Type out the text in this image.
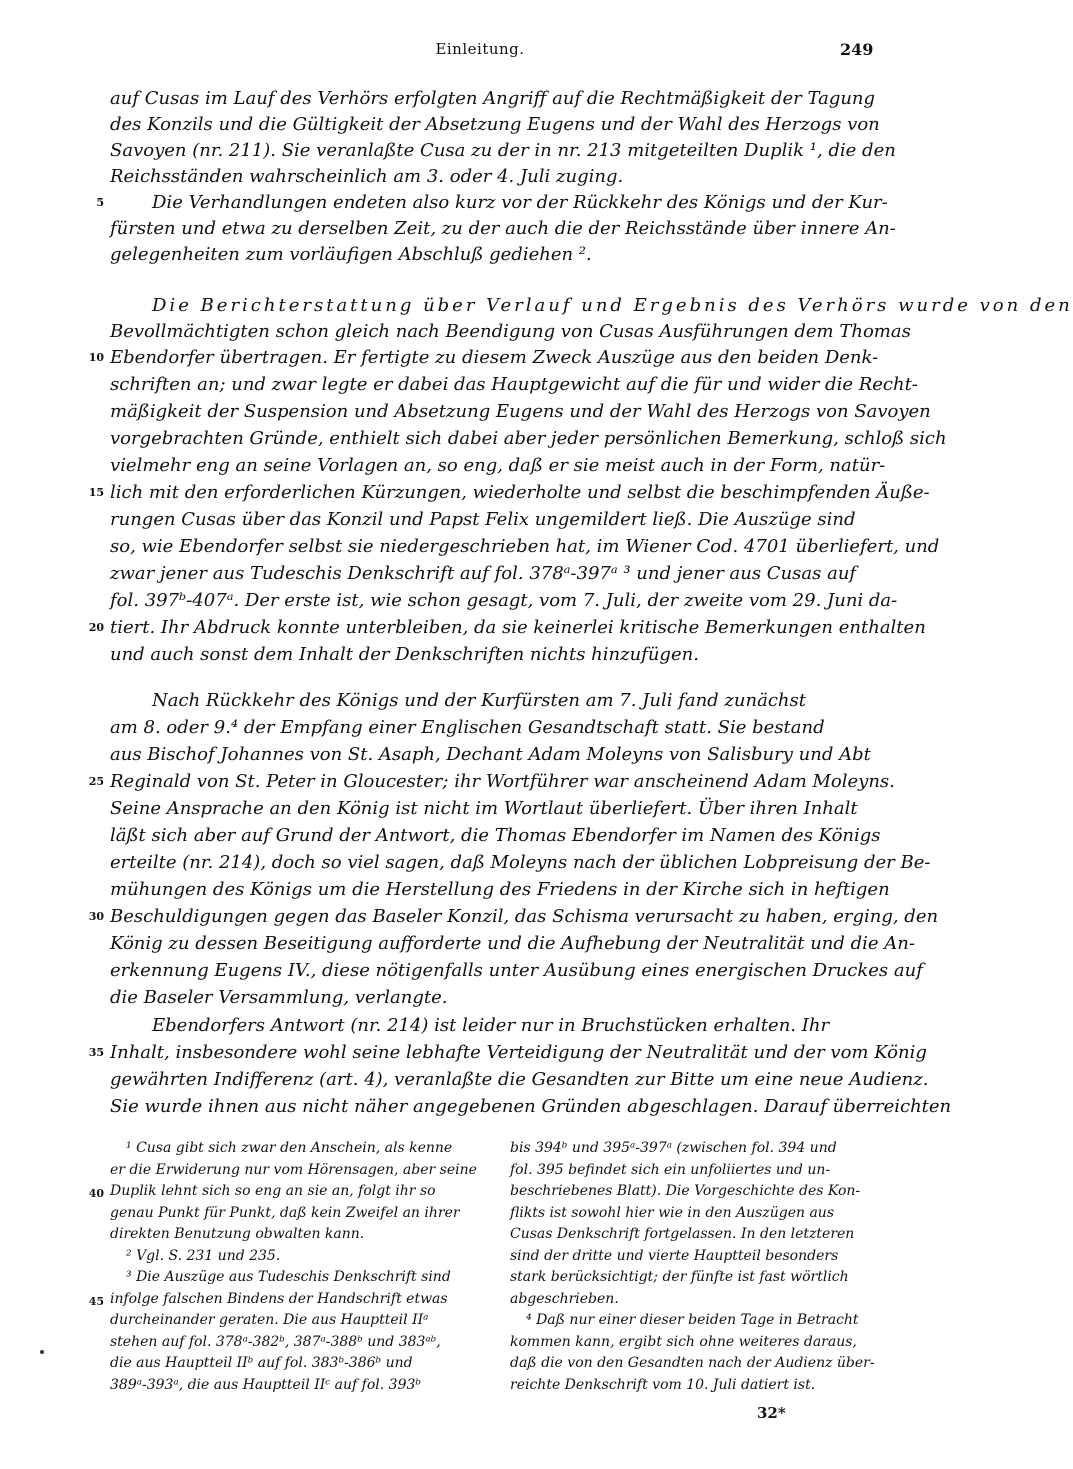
Einleitung.	249
auf Cusas im Lauf des Verhörs erfolgten Angriff auf die Rechtmäßigkeit der Tagung
des Konzils und die Gültigkeit der Absetzung Eugens und der Wahl des Herzogs von
Savoyen (nr. 211). Sie veranlaßte Cusa zu der in nr. 213 mitgeteilten Duplik ¹, die den
Reichsständen wahrscheinlich am 3. oder 4. Juli zuging.
5	Die Verhandlungen endeten also kurz vor der Rückkehr des Königs und der Kur-
fürsten und etwa zu derselben Zeit, zu der auch die der Reichsstände über innere An-
gelegenheiten zum vorläufigen Abschluß gediehen ².
Die Berichterstattung über Verlauf und Ergebnis des Verhörs wurde von den
Bevollmächtigten schon gleich nach Beendigung von Cusas Ausführungen dem Thomas
10 Ebendorfer übertragen. Er fertigte zu diesem Zweck Auszüge aus den beiden Denk-
schriften an; und zwar legte er dabei das Hauptgewicht auf die für und wider die Recht-
mäßigkeit der Suspension und Absetzung Eugens und der Wahl des Herzogs von Savoyen
vorgebrachten Gründe, enthielt sich dabei aber jeder persönlichen Bemerkung, schloß sich
vielmehr eng an seine Vorlagen an, so eng, daß er sie meist auch in der Form, natür-
15 lich mit den erforderlichen Kürzungen, wiederholte und selbst die beschimpfenden Äuße-
rungen Cusas über das Konzil und Papst Felix ungemildert ließ. Die Auszüge sind
so, wie Ebendorfer selbst sie niedergeschrieben hat, im Wiener Cod. 4701 überliefert, und
zwar jener aus Tudeschis Denkschrift auf fol. 378ᵃ-397ᵃ ³ und jener aus Cusas auf
fol. 397ᵇ-407ᵃ. Der erste ist, wie schon gesagt, vom 7. Juli, der zweite vom 29. Juni da-
20 tiert. Ihr Abdruck konnte unterbleiben, da sie keinerlei kritische Bemerkungen enthalten
und auch sonst dem Inhalt der Denkschriften nichts hinzufügen.
Nach Rückkehr des Königs und der Kurfürsten am 7. Juli fand zunächst
am 8. oder 9.⁴ der Empfang einer Englischen Gesandtschaft statt. Sie bestand
aus Bischof Johannes von St. Asaph, Dechant Adam Moleyns von Salisbury und Abt
25 Reginald von St. Peter in Gloucester; ihr Wortführer war anscheinend Adam Moleyns.
Seine Ansprache an den König ist nicht im Wortlaut überliefert. Über ihren Inhalt
läßt sich aber auf Grund der Antwort, die Thomas Ebendorfer im Namen des Königs
erteilte (nr. 214), doch so viel sagen, daß Moleyns nach der üblichen Lobpreisung der Be-
mühungen des Königs um die Herstellung des Friedens in der Kirche sich in heftigen
30 Beschuldigungen gegen das Baseler Konzil, das Schisma verursacht zu haben, erging, den
König zu dessen Beseitigung aufforderte und die Aufhebung der Neutralität und die An-
erkennung Eugens IV., diese nötigenfalls unter Ausübung eines energischen Druckes auf
die Baseler Versammlung, verlangte.
Ebendorfers Antwort (nr. 214) ist leider nur in Bruchstücken erhalten. Ihr
35 Inhalt, insbesondere wohl seine lebhafte Verteidigung der Neutralität und der vom König
gewährten Indifferenz (art. 4), veranlaßte die Gesandten zur Bitte um eine neue Audienz.
Sie wurde ihnen aus nicht näher angegebenen Gründen abgeschlagen. Darauf überreichten
¹ Cusa gibt sich zwar den Anschein, als kenne
er die Erwiderung nur vom Hörensagen, aber seine
Duplik lehnt sich so eng an sie an, folgt ihr so
genau Punkt für Punkt, daß kein Zweifel an ihrer
direkten Benutzung obwalten kann.
² Vgl. S. 231 und 235.
³ Die Auszüge aus Tudeschis Denkschrift sind
infolge falschen Bindens der Handschrift etwas
durcheinander geraten. Die aus Hauptteil IIᵃ
stehen auf fol. 378ᵃ-382ᵇ, 387ᵃ-388ᵇ und 383ᵃᵇ,
die aus Hauptteil IIᵇ auf fol. 383ᵇ-386ᵇ und
389ᵃ-393ᵃ, die aus Hauptteil IIᶜ auf fol. 393ᵇ
40
45
bis 394ᵇ und 395ᵃ-397ᵃ (zwischen fol. 394 und
fol. 395 befindet sich ein unfoliiertes und un-
beschriebenes Blatt). Die Vorgeschichte des Kon-
flikts ist sowohl hier wie in den Auszügen aus
Cusas Denkschrift fortgelassen. In den letzteren
sind der dritte und vierte Hauptteil besonders
stark berücksichtigt; der fünfte ist fast wörtlich
abgeschrieben.
⁴ Daß nur einer dieser beiden Tage in Betracht
kommen kann, ergibt sich ohne weiteres daraus,
daß die von den Gesandten nach der Audienz über-
reichte Denkschrift vom 10. Juli datiert ist.
32*
